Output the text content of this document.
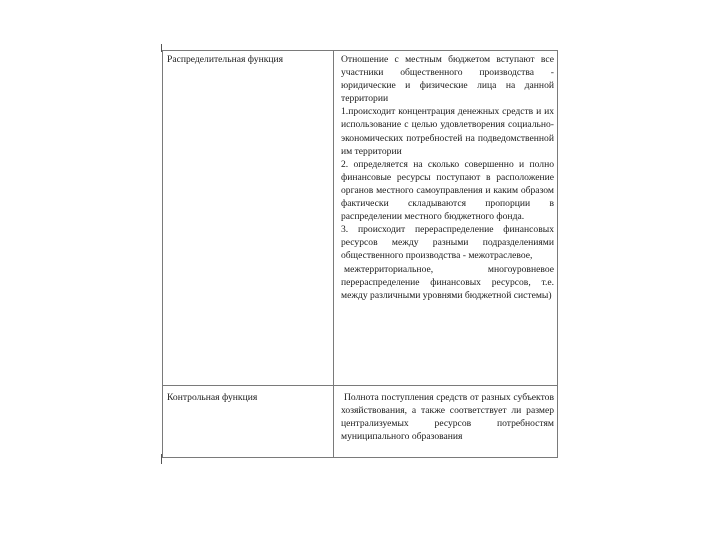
Распределительная функция	Отношение с местным бюджетом вступают все участники общественного производства - юридические и физические лица на данной территории
1.происходит концентрация денежных средств и их использование с целью удовлетворения социально-экономических потребностей на подведомственной им территории
2. определяется на сколько совершенно и полно финансовые ресурсы поступают в расположение органов местного самоуправления и каким образом фактически складываются пропорции в распределении местного бюджетного фонда.
3. происходит перераспределение финансовых ресурсов между разными подразделениями общественного производства - межотраслевое,
межтерриториальное, многоуровневое перераспределение финансовых ресурсов, т.е. между различными уровнями бюджетной системы)

Контрольная функция	Полнота поступления средств от разных субъектов хозяйствования, а также соответствует ли размер централизуемых ресурсов потребностям муниципального образования
